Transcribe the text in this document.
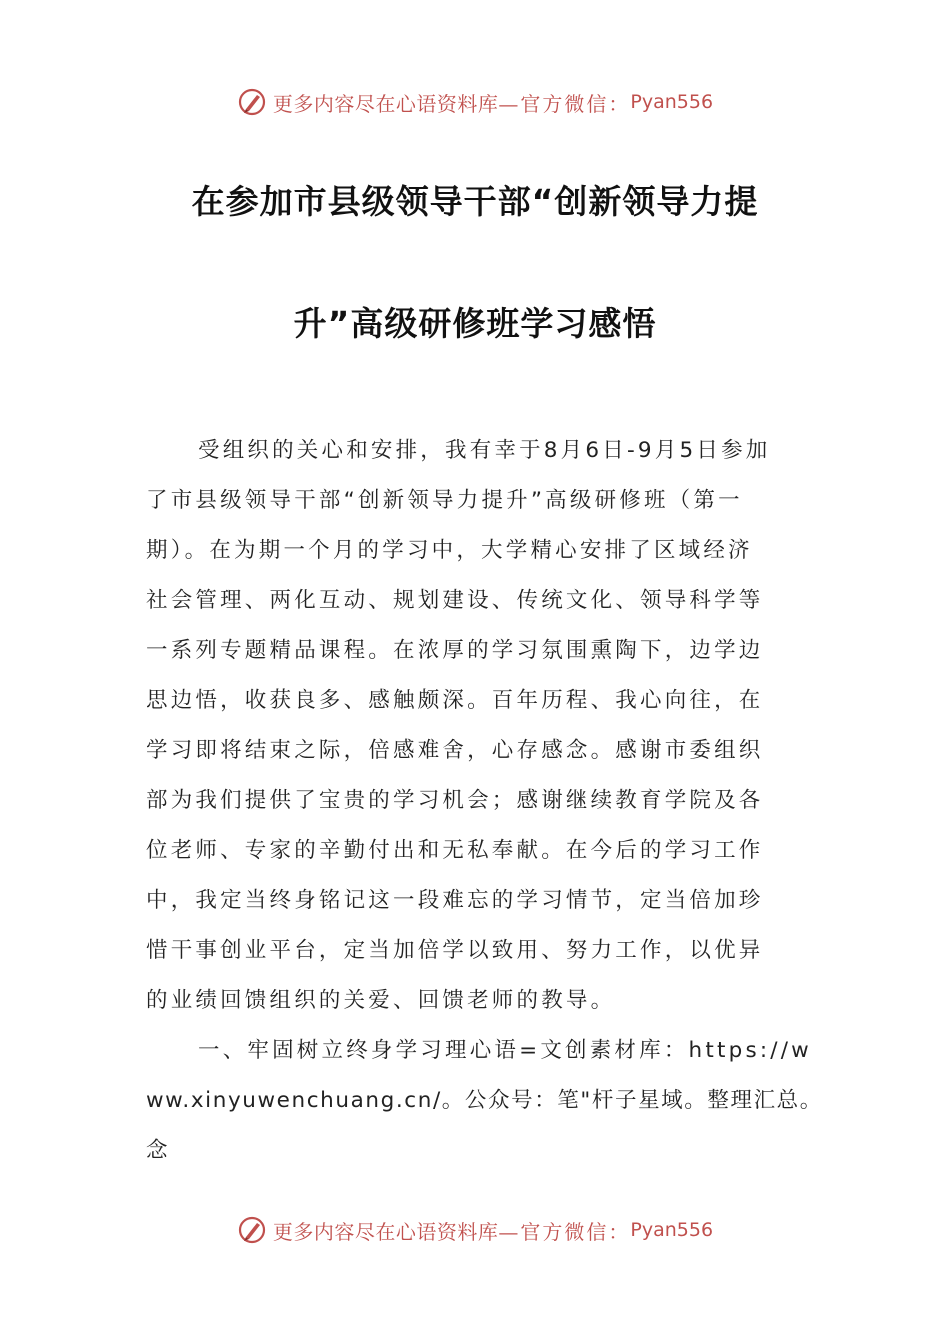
更多内容尽在心语资料库 —官方微信： Pyan556
在参加市县级领导干部“创新领导力提
升”高级研修班学习感悟
受组织的关心和安排，我有幸于8月6日-9月5日参加
了市县级领导干部“创新领导力提升”高级研修班（第一
期）。在为期一个月的学习中，大学精心安排了区域经济
社会管理、两化互动、规划建设、传统文化、领导科学等
一系列专题精品课程。在浓厚的学习氛围熏陶下，边学边
思边悟，收获良多、感触颇深。百年历程、我心向往，在
学习即将结束之际，倍感难舍，心存感念。感谢市委组织
部为我们提供了宝贵的学习机会；感谢继续教育学院及各
位老师、专家的辛勤付出和无私奉献。在今后的学习工作
中，我定当终身铭记这一段难忘的学习情节，定当倍加珍
惜干事创业平台，定当加倍学以致用、努力工作，以优异
的业绩回馈组织的关爱、回馈老师的教导。
一、牢固树立终身学习理心语=文创素材库：https://w
ww.xinyuwenchuang.cn/。公众号：笔"杆子星域。整理汇总。
念
更多内容尽在心语资料库 —官方微信： Pyan556
